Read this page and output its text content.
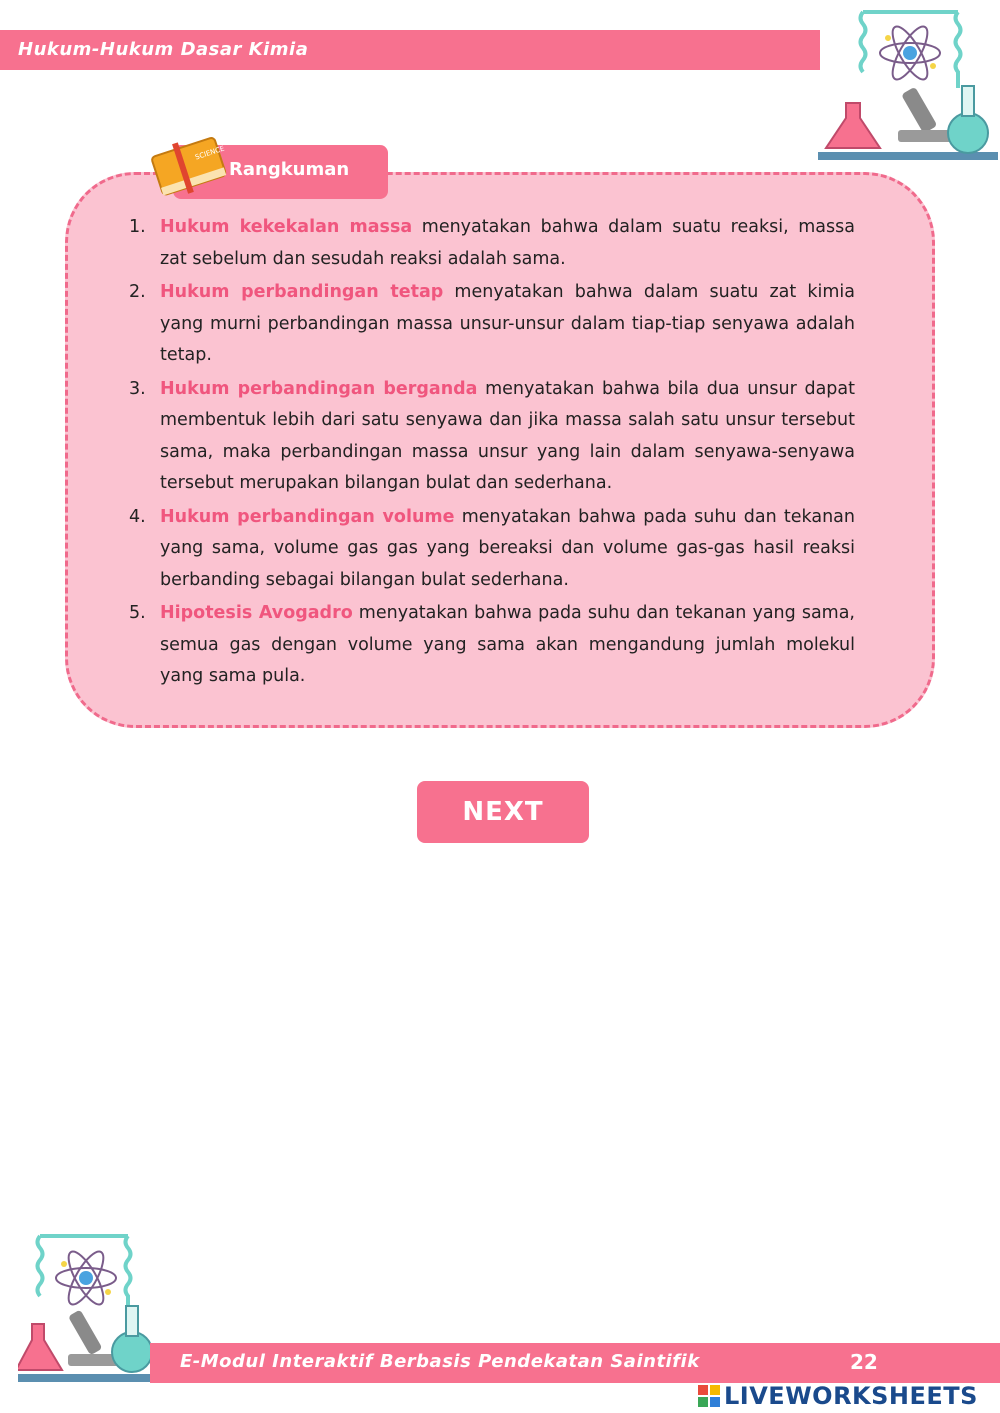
Hukum-Hukum Dasar Kimia
Rangkuman
SCIENCE
1. Hukum kekekalan massa menyatakan bahwa dalam suatu reaksi, massa zat sebelum dan sesudah reaksi adalah sama.
2. Hukum perbandingan tetap menyatakan bahwa dalam suatu zat kimia yang murni perbandingan massa unsur-unsur dalam tiap-tiap senyawa adalah tetap.
3. Hukum perbandingan berganda menyatakan bahwa bila dua unsur dapat membentuk lebih dari satu senyawa dan jika massa salah satu unsur tersebut sama, maka perbandingan massa unsur yang lain dalam senyawa-senyawa tersebut merupakan bilangan bulat dan sederhana.
4. Hukum perbandingan volume menyatakan bahwa pada suhu dan tekanan yang sama, volume gas gas yang bereaksi dan volume gas-gas hasil reaksi berbanding sebagai bilangan bulat sederhana.
5. Hipotesis Avogadro menyatakan bahwa pada suhu dan tekanan yang sama, semua gas dengan volume yang sama akan mengandung jumlah molekul yang sama pula.
NEXT
E-Modul Interaktif Berbasis Pendekatan Saintifik	22
LIVEWORKSHEETS
